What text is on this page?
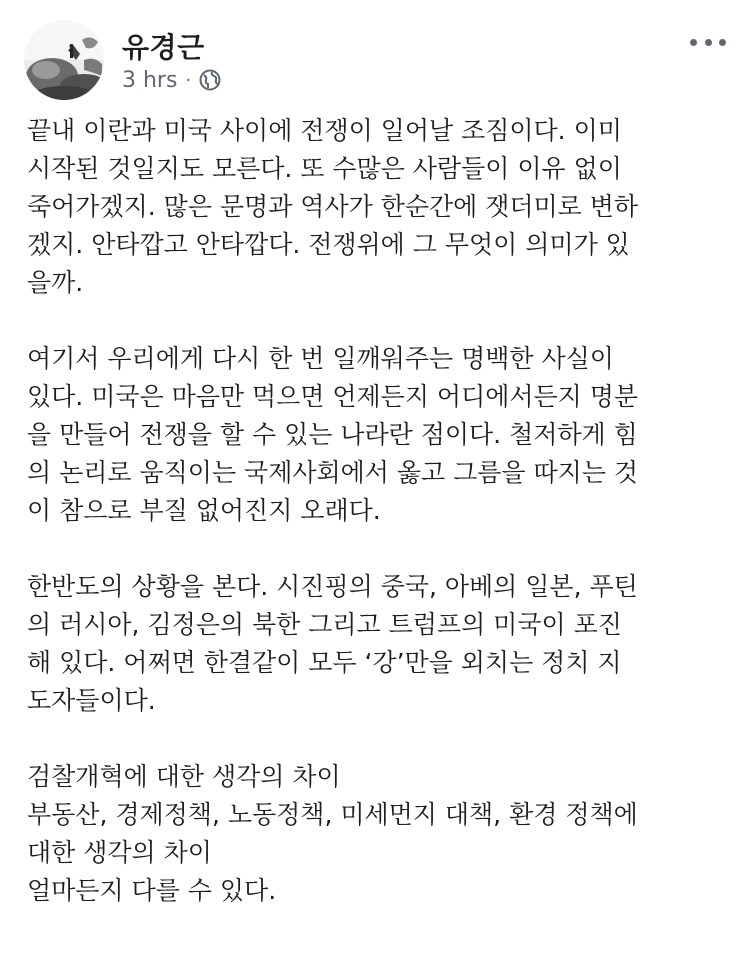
유경근
3 hrs ·
끝내 이란과 미국 사이에 전쟁이 일어날 조짐이다. 이미
시작된 것일지도 모른다. 또 수많은 사람들이 이유 없이
죽어가겠지. 많은 문명과 역사가 한순간에 잿더미로 변하
겠지. 안타깝고 안타깝다. 전쟁위에 그 무엇이 의미가 있
을까.
여기서 우리에게 다시 한 번 일깨워주는 명백한 사실이
있다. 미국은 마음만 먹으면 언제든지 어디에서든지 명분
을 만들어 전쟁을 할 수 있는 나라란 점이다. 철저하게 힘
의 논리로 움직이는 국제사회에서 옳고 그름을 따지는 것
이 참으로 부질 없어진지 오래다.
한반도의 상황을 본다. 시진핑의 중국, 아베의 일본, 푸틴
의 러시아, 김정은의 북한 그리고 트럼프의 미국이 포진
해 있다. 어쩌면 한결같이 모두 ‘강’만을 외치는 정치 지
도자들이다.
검찰개혁에 대한 생각의 차이
부동산, 경제정책, 노동정책, 미세먼지 대책, 환경 정책에
대한 생각의 차이
얼마든지 다를 수 있다.
